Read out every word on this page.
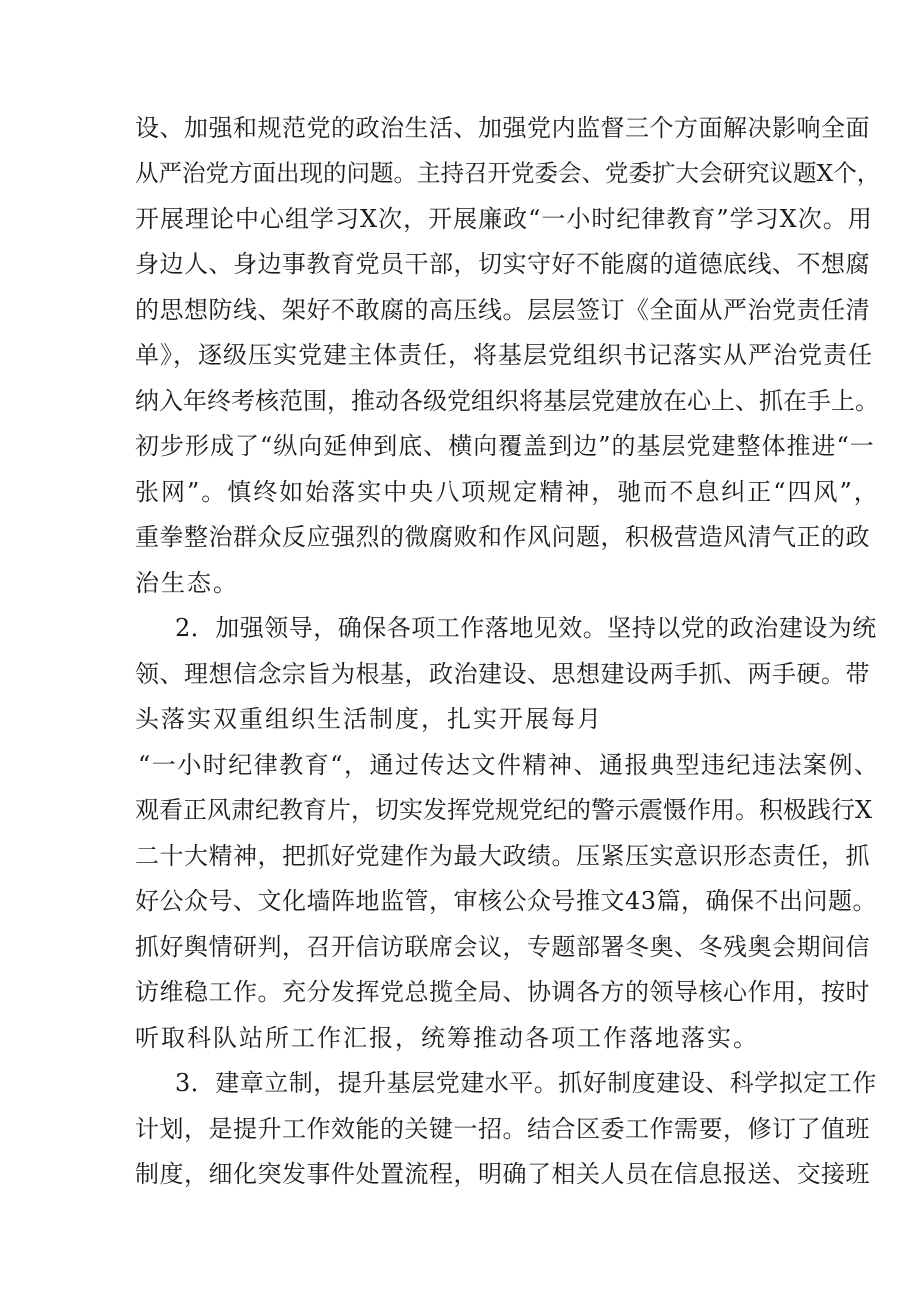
设、加强和规范党的政治生活、加强党内监督三个方面解决影响全面
从严治党方面出现的问题。主持召开党委会、党委扩大会研究议题X个，
开展理论中心组学习X次，开展廉政“一小时纪律教育”学习X次。用
身边人、身边事教育党员干部，切实守好不能腐的道德底线、不想腐
的思想防线、架好不敢腐的高压线。层层签订《全面从严治党责任清
单》，逐级压实党建主体责任，将基层党组织书记落实从严治党责任
纳入年终考核范围，推动各级党组织将基层党建放在心上、抓在手上。
初步形成了“纵向延伸到底、横向覆盖到边”的基层党建整体推进“一
张网”。慎终如始落实中央八项规定精神，驰而不息纠正“四风”，
重拳整治群众反应强烈的微腐败和作风问题，积极营造风清气正的政
治生态。
2．加强领导，确保各项工作落地见效。坚持以党的政治建设为统
领、理想信念宗旨为根基，政治建设、思想建设两手抓、两手硬。带
头落实双重组织生活制度，扎实开展每月
“一小时纪律教育“，通过传达文件精神、通报典型违纪违法案例、
观看正风肃纪教育片，切实发挥党规党纪的警示震慑作用。积极践行X
二十大精神，把抓好党建作为最大政绩。压紧压实意识形态责任，抓
好公众号、文化墙阵地监管，审核公众号推文43篇，确保不出问题。
抓好舆情研判，召开信访联席会议，专题部署冬奥、冬残奥会期间信
访维稳工作。充分发挥党总揽全局、协调各方的领导核心作用，按时
听取科队站所工作汇报，统筹推动各项工作落地落实。
3．建章立制，提升基层党建水平。抓好制度建设、科学拟定工作
计划，是提升工作效能的关键一招。结合区委工作需要，修订了值班
制度，细化突发事件处置流程，明确了相关人员在信息报送、交接班
